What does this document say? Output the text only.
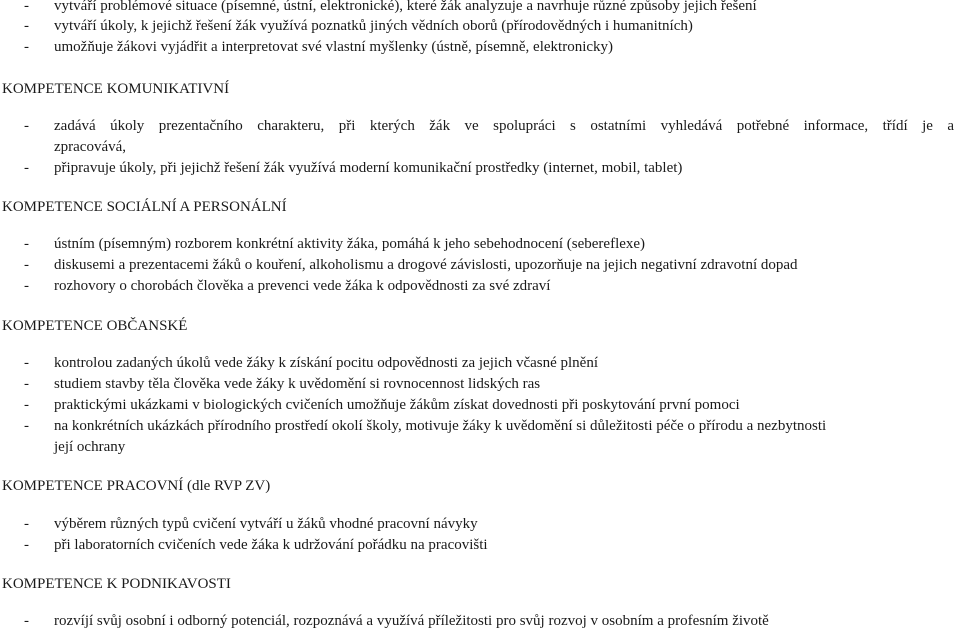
- vytváří problémové situace (písemné, ústní, elektronické), které žák analyzuje a navrhuje různé způsoby jejich řešení
- vytváří úkoly, k jejichž řešení žák využívá poznatků jiných vědních oborů (přírodovědných i humanitních)
- umožňuje žákovi vyjádřit a interpretovat své vlastní myšlenky (ústně, písemně, elektronicky)
KOMPETENCE KOMUNIKATIVNÍ
- zadává úkoly prezentačního charakteru, při kterých žák ve spolupráci s ostatními vyhledává potřebné informace, třídí je a
zpracovává,
- připravuje úkoly, při jejichž řešení žák využívá moderní komunikační prostředky (internet, mobil, tablet)
KOMPETENCE SOCIÁLNÍ A PERSONÁLNÍ
- ústním (písemným) rozborem konkrétní aktivity žáka, pomáhá k jeho sebehodnocení (sebereflexe)
- diskusemi a prezentacemi žáků o kouření, alkoholismu a drogové závislosti, upozorňuje na jejich negativní zdravotní dopad
- rozhovory o chorobách člověka a prevenci vede žáka k odpovědnosti za své zdraví
KOMPETENCE OBČANSKÉ
- kontrolou zadaných úkolů vede žáky k získání pocitu odpovědnosti za jejich včasné plnění
- studiem stavby těla člověka vede žáky k uvědomění si rovnocennost lidských ras
- praktickými ukázkami v biologických cvičeních umožňuje žákům získat dovednosti při poskytování první pomoci
- na konkrétních ukázkách přírodního prostředí okolí školy, motivuje žáky k uvědomění si důležitosti péče o přírodu a nezbytnosti
její ochrany
KOMPETENCE PRACOVNÍ (dle RVP ZV)
- výběrem různých typů cvičení vytváří u žáků vhodné pracovní návyky
- při laboratorních cvičeních vede žáka k udržování pořádku na pracovišti
KOMPETENCE K PODNIKAVOSTI
- rozvíjí svůj osobní i odborný potenciál, rozpoznává a využívá příležitosti pro svůj rozvoj v osobním a profesním životě
